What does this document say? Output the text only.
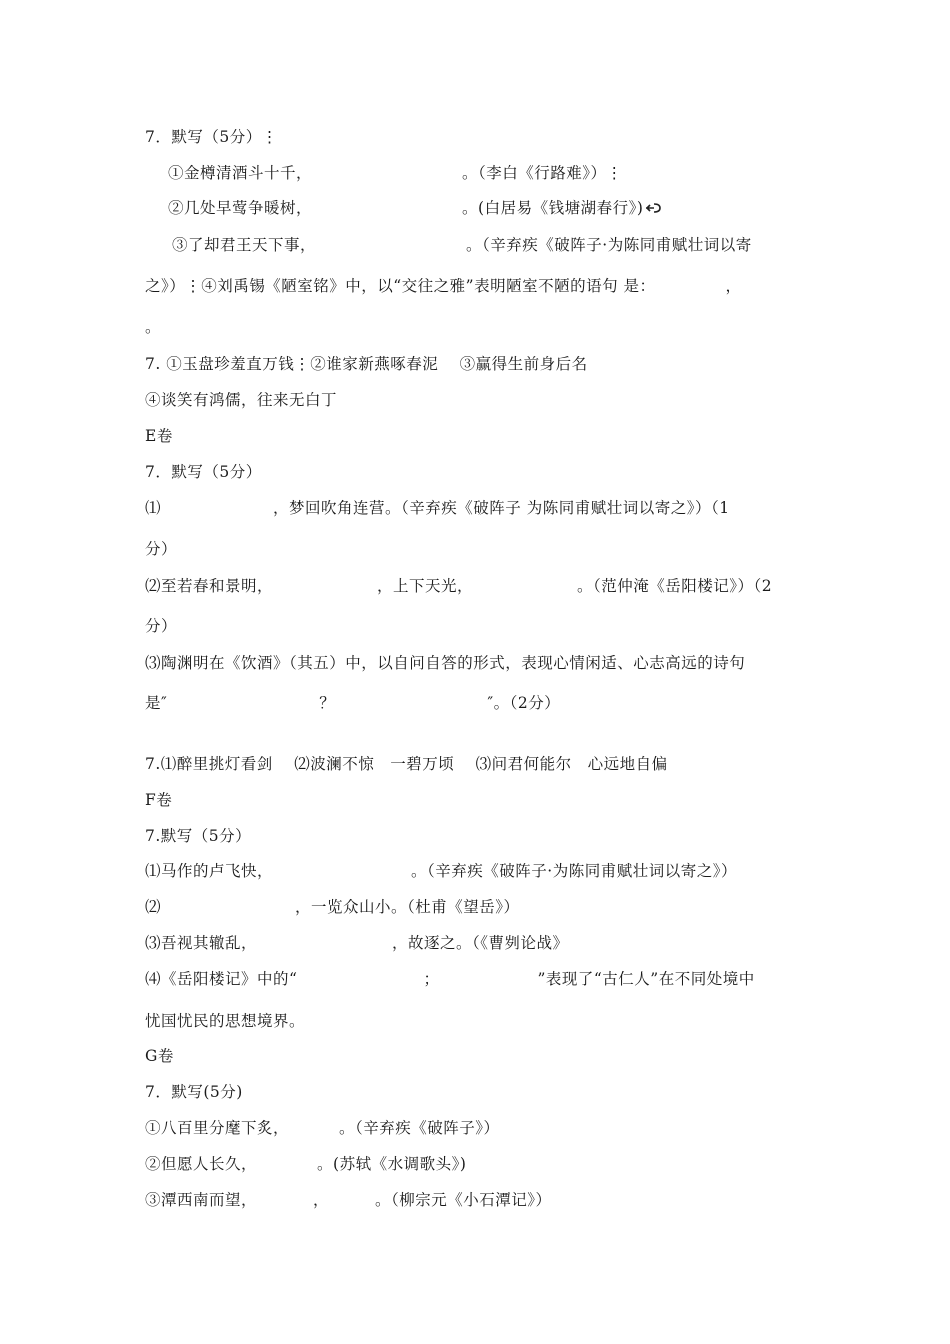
7．默写（5分）⋮
①金樽清酒斗十千，	。（李白《行路难》）⋮
②几处早莺争暖树，	。(白居易《钱塘湖春行》)
③了却君王天下事，	。（辛弃疾《破阵子·为陈同甫赋壮词以寄
之》）⋮④刘禹锡《陋室铭》中，以“交往之雅”表明陋室不陋的语句 是：	，
。
7. ①玉盘珍羞直万钱⋮②谁家新燕啄春泥　 ③赢得生前身后名
④谈笑有鸿儒，往来无白丁
E卷
7．默写（5分）
⑴	，梦回吹角连营。（辛弃疾《破阵子 为陈同甫赋壮词以寄之》）（1
分）
⑵至若春和景明，	，上下天光，	。（范仲淹《岳阳楼记》）（2
分）
⑶陶渊明在《饮酒》（其五）中，以自问自答的形式，表现心情闲适、心志高远的诗句
是″	？	″。（2分）
7.⑴醉里挑灯看剑　 ⑵波澜不惊　一碧万顷　 ⑶问君何能尔　心远地自偏
F卷
7.默写（5分）
⑴马作的卢飞快，	。（辛弃疾《破阵子·为陈同甫赋壮词以寄之》）
⑵	，一览众山小。（杜甫《望岳》）
⑶吾视其辙乱，	，故逐之。（《曹刿论战》
⑷《岳阳楼记》中的“	；	”表现了“古仁人”在不同处境中
忧国忧民的思想境界。
G卷
7．默写(5分)
①八百里分麾下炙，	。（辛弃疾《破阵子》）
②但愿人长久，	。(苏轼《水调歌头》)
③潭西南而望，	，	。（柳宗元《小石潭记》）
